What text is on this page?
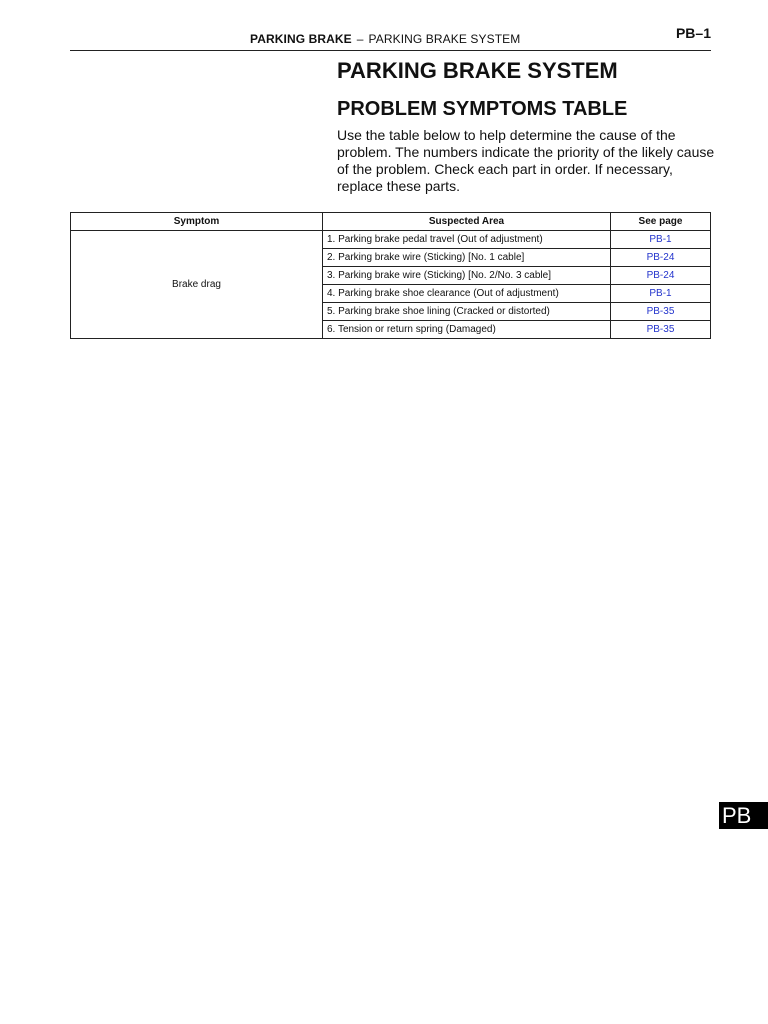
PARKING BRAKE – PARKING BRAKE SYSTEM	PB–1
PARKING BRAKE SYSTEM
PROBLEM SYMPTOMS TABLE

Use the table below to help determine the cause of the problem. The numbers indicate the priority of the likely cause of the problem. Check each part in order. If necessary, replace these parts.

Symptom	Suspected Area	See page
Brake drag	1. Parking brake pedal travel (Out of adjustment)	PB-1
	2. Parking brake wire (Sticking) [No. 1 cable]	PB-24
	3. Parking brake wire (Sticking) [No. 2/No. 3 cable]	PB-24
	4. Parking brake shoe clearance (Out of adjustment)	PB-1
	5. Parking brake shoe lining (Cracked or distorted)	PB-35
	6. Tension or return spring (Damaged)	PB-35
PB
